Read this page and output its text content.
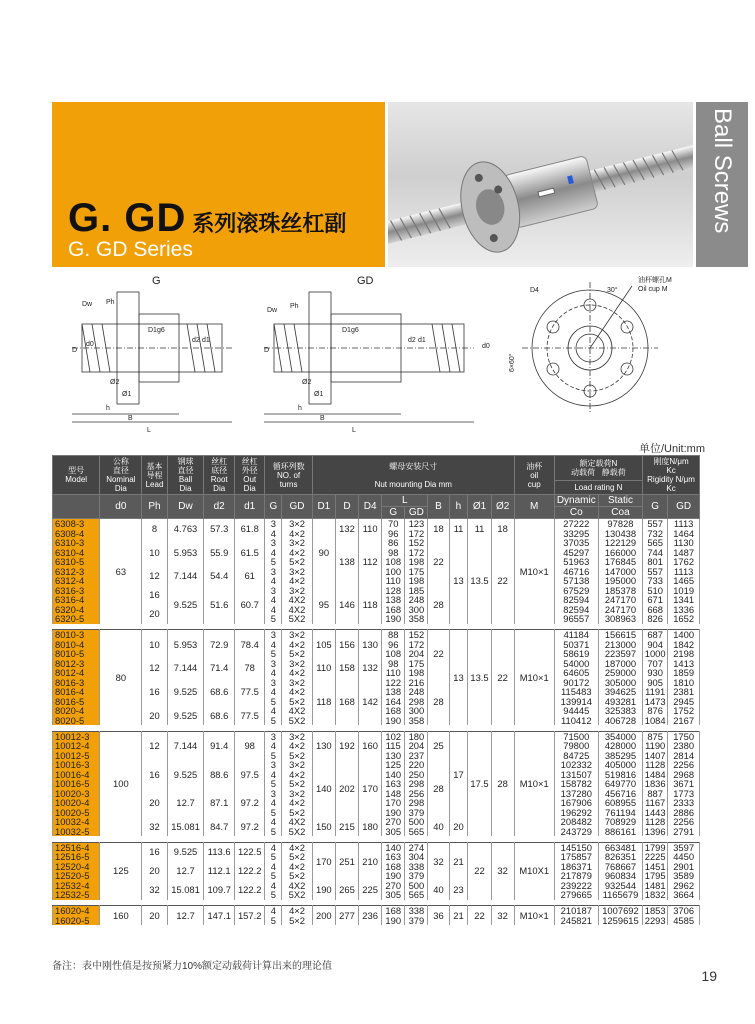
G. GD 系列滚珠丝杠副
G. GD Series
Ball Screws
G	GD
Dw Ph
D
d0
D1g6
d2 d1
Ø2
Ø1
h
B
L
D
Dw
Ph
D1g6
d2 d1
d0
Ø2
Ø1
h
B
L
D4	30°
油杯螺孔M
Oil cup M
6×60°
单位/Unit:mm
型号
Model	公称
直径
Nominal
Dia	基本
导程
Lead	钢球
直径
Ball
Dia	丝杠
底径
Root
Dia	丝杠
外径
Out
Dia	循环列数
NO. of
turns		螺母安装尺寸

Nut mounting Dia mm									油杯
oil
cup	额定载荷N
动载荷 静载荷		刚度N/μm
Kc
Rigidity N/μm
Kc	
																		Load rating N			
	d0	Ph	Dw	d2	d1	G	GD	D1	D	D4	L		B	h	Ø1	Ø2	M	Dynamic	Static	G	GD
											G	GD						Co	Coa		
6308-3	63	8	4.763	57.3	61.8	3	3×2	90	132	110	70	123	18	11	11	18	M10×1	27222	97828	557	1113
6308-4						4	4×2				96	172						33295	130438	732	1464
6310-3		10	5.953	55.9	61.5	3	3×2		138	112	86	152	22	13	13.5	22		37035	122129	565	1130
6310-4						4	4×2				98	172						45297	166000	744	1487
6310-5						5	5×2				108	198						51963	176845	801	1762
6312-3		12	7.144	54.4	61	3	3×2				100	175						46716	147000	557	1113
6312-4						4	4×2				110	198						57138	195000	733	1465
6316-3		16	9.525	51.6	60.7	3	3×2	95	146	118	128	185	28					67529	185378	510	1019
6316-4						4	4X2				138	248						82594	247170	671	1341
6320-4		20				4	4X2				168	300						82594	247170	668	1336
6320-5						5	5X2				190	358						96557	308963	826	1652

8010-3	80	10	5.953	72.9	78.4	3	3×2	105	156	130	88	152	22	13	13.5	22	M10×1	41184	156615	687	1400
8010-4						4	4×2				96	172						50371	213000	904	1842
8010-5						5	5×2				108	204						58619	223597	1000	2198
8012-3		12	7.144	71.4	78	3	3×2	110	158	132	98	175						54000	187000	707	1413
8012-4						4	4×2				110	198						64605	259000	930	1859
8016-3		16	9.525	68.6	77.5	3	3×2	118	168	142	122	216	28					90172	305000	905	1810
8016-4						4	4×2				138	248						115483	394625	1191	2381
8016-5						5	5×2				164	298						139914	493281	1473	2945
8020-4		20	9.525	68.6	77.5	4	4X2				168	300						94445	325383	876	1752
8020-5						5	5X2				190	358						110412	406728	1084	2167

10012-3	100	12	7.144	91.4	98	3	3×2	130	192	160	102	180	25	17	17.5	28	M10×1	71500	354000	875	1750
10012-4						4	4×2				115	204						79800	428000	1190	2380
10012-5						5	5×2				130	237						84725	385295	1407	2814
10016-3		16	9.525	88.6	97.5	3	3×2	140	202	170	125	220	28					102332	405000	1128	2256
10016-4						4	4×2				140	250						131507	519816	1484	2968
10016-5						5	5×2				163	298						158782	649770	1836	3671
10020-3		20	12.7	87.1	97.2	3	3×2				148	256						137280	456716	887	1773
10020-4						4	4×2				170	298						167906	608955	1167	2333
10020-5						5	5×2				190	379						196292	761194	1443	2886
10032-4		32	15.081	84.7	97.2	4	4X2	150	215	180	270	500	40	20				208482	708929	1128	2256
10032-5						5	5X2				305	565						243729	886161	1396	2791

12516-4	125	16	9.525	113.6	122.5	4	4×2	170	251	210	140	274	32	21	22	32	M10X1	145150	663481	1799	3597
12516-5						5	5×2				163	304						175857	826351	2225	4450
12520-4		20	12.7	112.1	122.2	4	4×2				168	338						186371	768667	1451	2901
12520-5						5	5×2				190	379						217879	960834	1795	3589
12532-4		32	15.081	109.7	122.2	4	4X2	190	265	225	270	500	40	23				239222	932544	1481	2962
12532-5						5	5X2				305	565						279665	1165679	1832	3664

16020-4	160	20	12.7	147.1	157.2	4	4×2	200	277	236	168	338	36	21	22	32	M10×1	210187	1007692	1853	3706
16020-5						5	5×2				190	379						245821	1259615	2293	4585

备注：表中刚性值是按预紧力10%额定动载荷计算出来的理论值
19
